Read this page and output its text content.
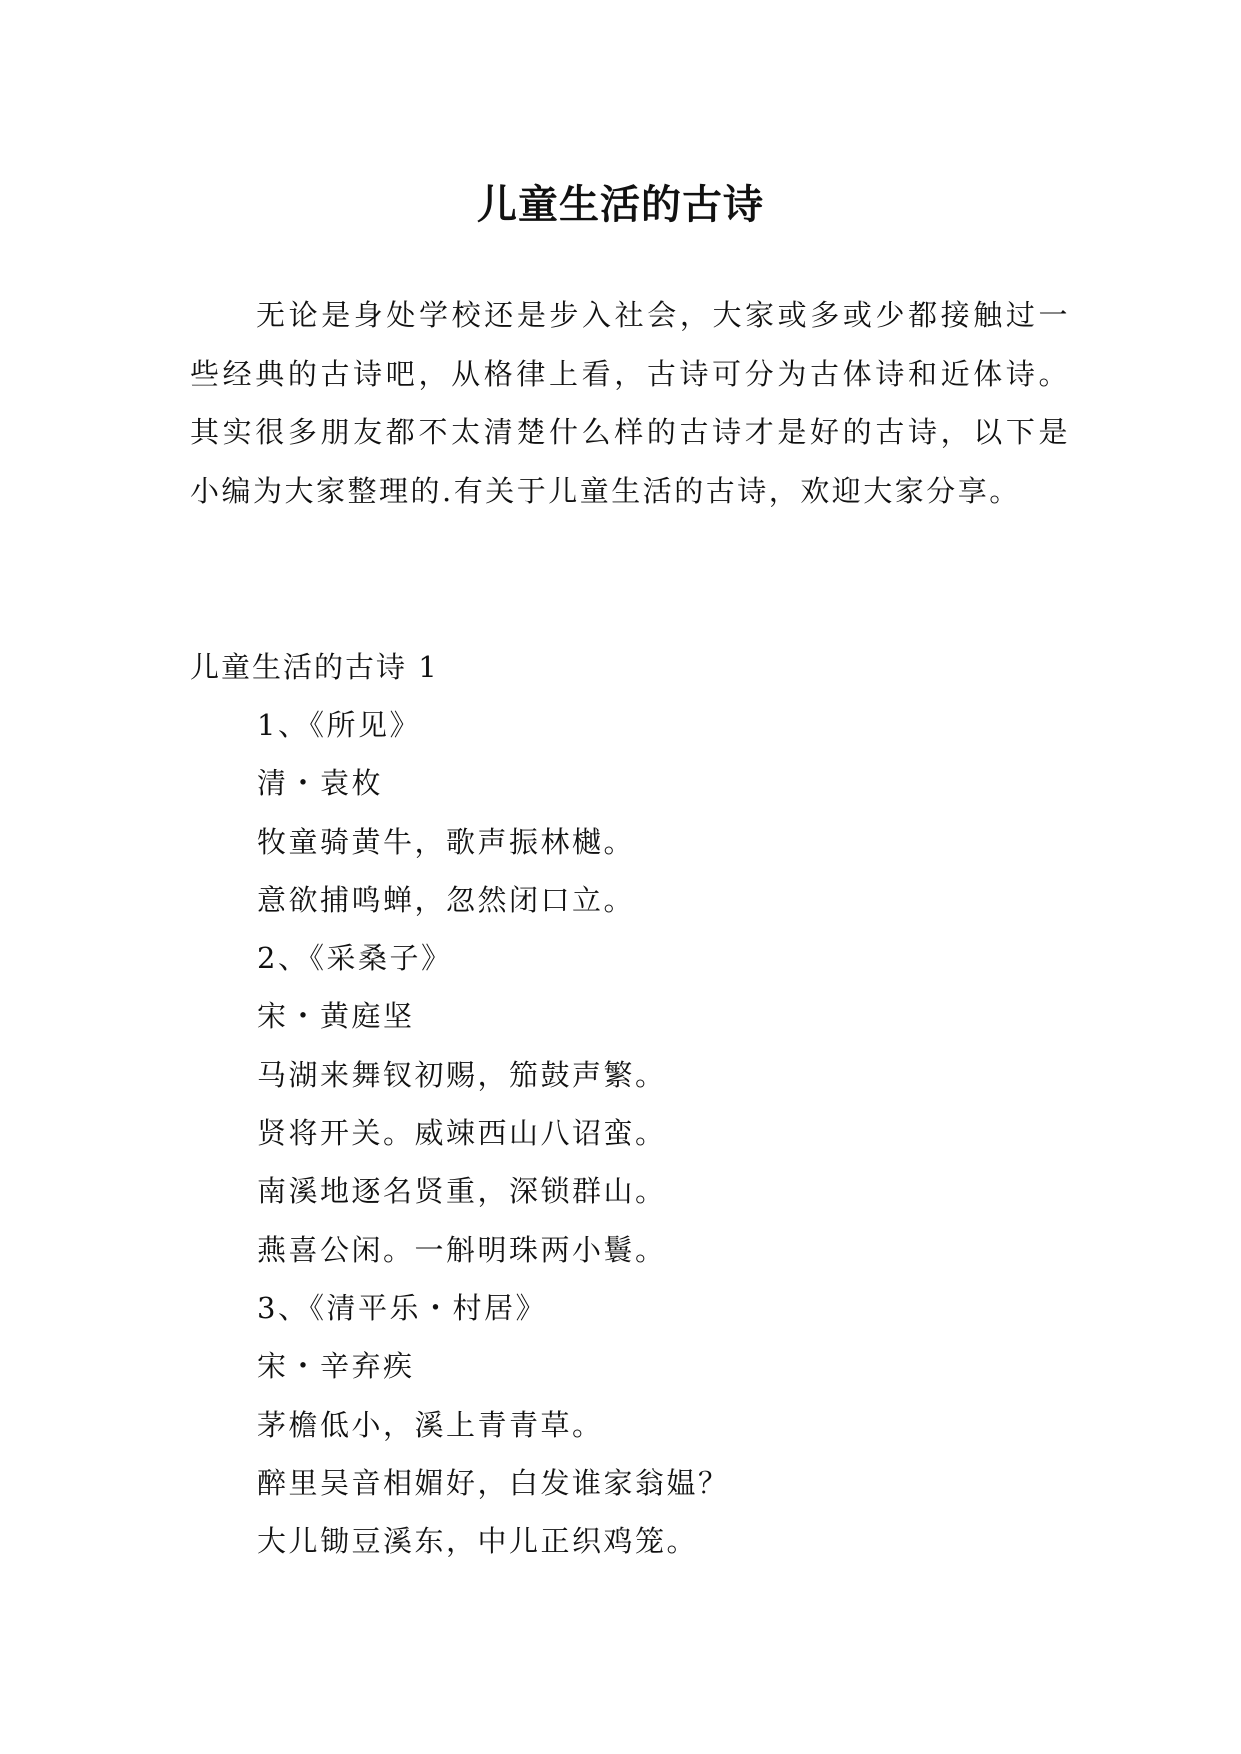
儿童生活的古诗

无论是身处学校还是步入社会，大家或多或少都接触过一些经典的古诗吧，从格律上看，古诗可分为古体诗和近体诗。其实很多朋友都不太清楚什么样的古诗才是好的古诗，以下是小编为大家整理的.有关于儿童生活的古诗，欢迎大家分享。

儿童生活的古诗 1
1、《所见》
清・袁枚
牧童骑黄牛，歌声振林樾。
意欲捕鸣蝉，忽然闭口立。
2、《采桑子》
宋・黄庭坚
马湖来舞钗初赐，笳鼓声繁。
贤将开关。威竦西山八诏蛮。
南溪地逐名贤重，深锁群山。
燕喜公闲。一斛明珠两小鬟。
3、《清平乐・村居》
宋・辛弃疾
茅檐低小，溪上青青草。
醉里吴音相媚好，白发谁家翁媪？
大儿锄豆溪东，中儿正织鸡笼。
